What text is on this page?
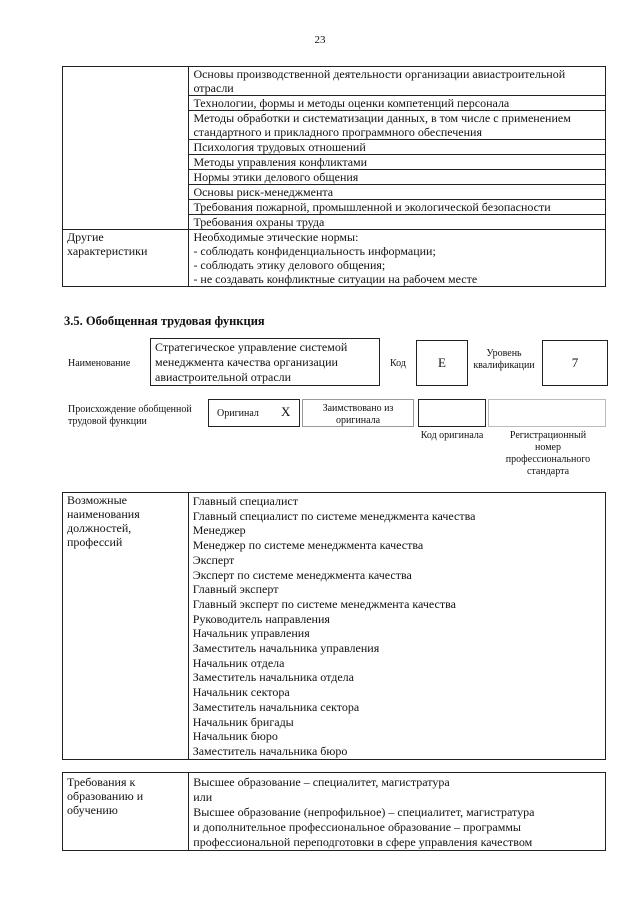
23
	Основы производственной деятельности организации авиастроительной отрасли
	Технологии, формы и методы оценки компетенций персонала
	Методы обработки и систематизации данных, в том числе с применением стандартного и прикладного программного обеспечения
	Психология трудовых отношений
	Методы управления конфликтами
	Нормы этики делового общения
	Основы риск-менеджмента
	Требования пожарной, промышленной и экологической безопасности
	Требования охраны труда
Другие характеристики	Необходимые этические нормы:
- соблюдать конфиденциальность информации;
- соблюдать этику делового общения;
- не создавать конфликтные ситуации на рабочем месте
3.5. Обобщенная трудовая функция
Наименование
Стратегическое управление системой менеджмента качества организации авиастроительной отрасли
Код	E
Уровень квалификации	7
Происхождение обобщенной трудовой функции
Оригинал X	Заимствовано из оригинала
Код оригинала	Регистрационный номер профессионального стандарта
Возможные наименования должностей, профессий	
Главный специалист
Главный специалист по системе менеджмента качества
Менеджер
Менеджер по системе менеджмента качества
Эксперт
Эксперт по системе менеджмента качества
Главный эксперт
Главный эксперт по системе менеджмента качества
Руководитель направления
Начальник управления
Заместитель начальника управления
Начальник отдела
Заместитель начальника отдела
Начальник сектора
Заместитель начальника сектора
Начальник бригады
Начальник бюро
Заместитель начальника бюро
Требования к образованию и обучению	
Высшее образование – специалитет, магистратура
или
Высшее образование (непрофильное) – специалитет, магистратура
и дополнительное профессиональное образование – программы
профессиональной переподготовки в сфере управления качеством
